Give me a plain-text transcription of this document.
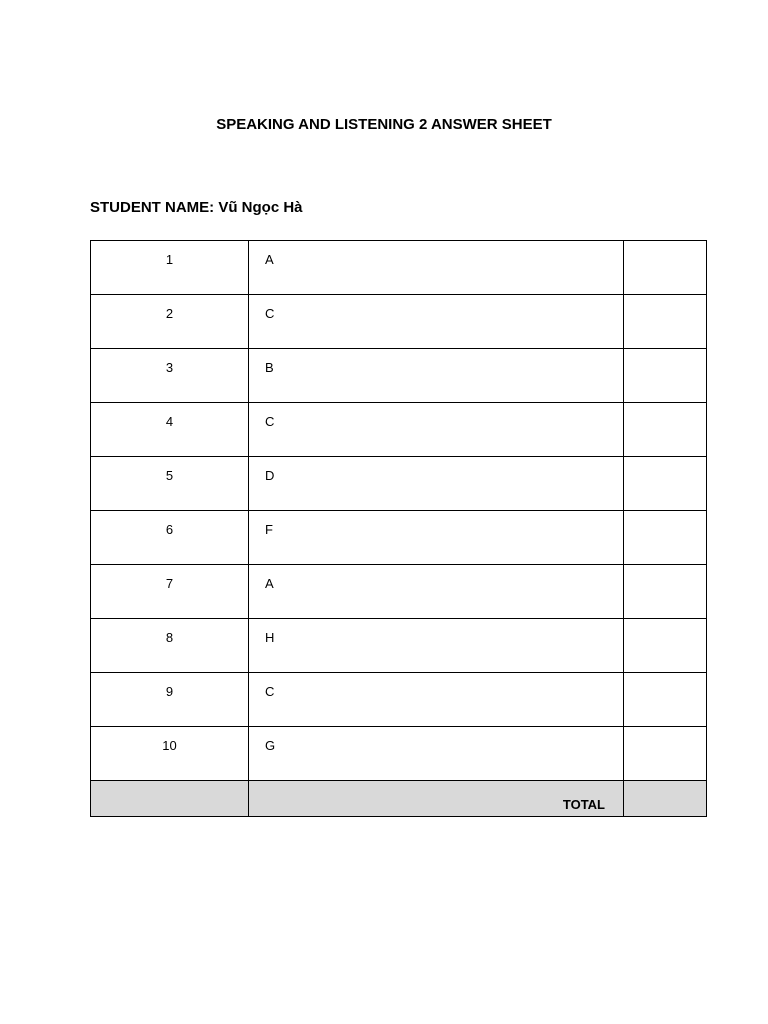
SPEAKING AND LISTENING 2 ANSWER SHEET
STUDENT NAME: Vũ Ngọc Hà
1	A	

2	C	

3	B	

4	C	

5	D	

6	F	

7	A	

8	H	

9	C	

10	G	

	TOTAL	
